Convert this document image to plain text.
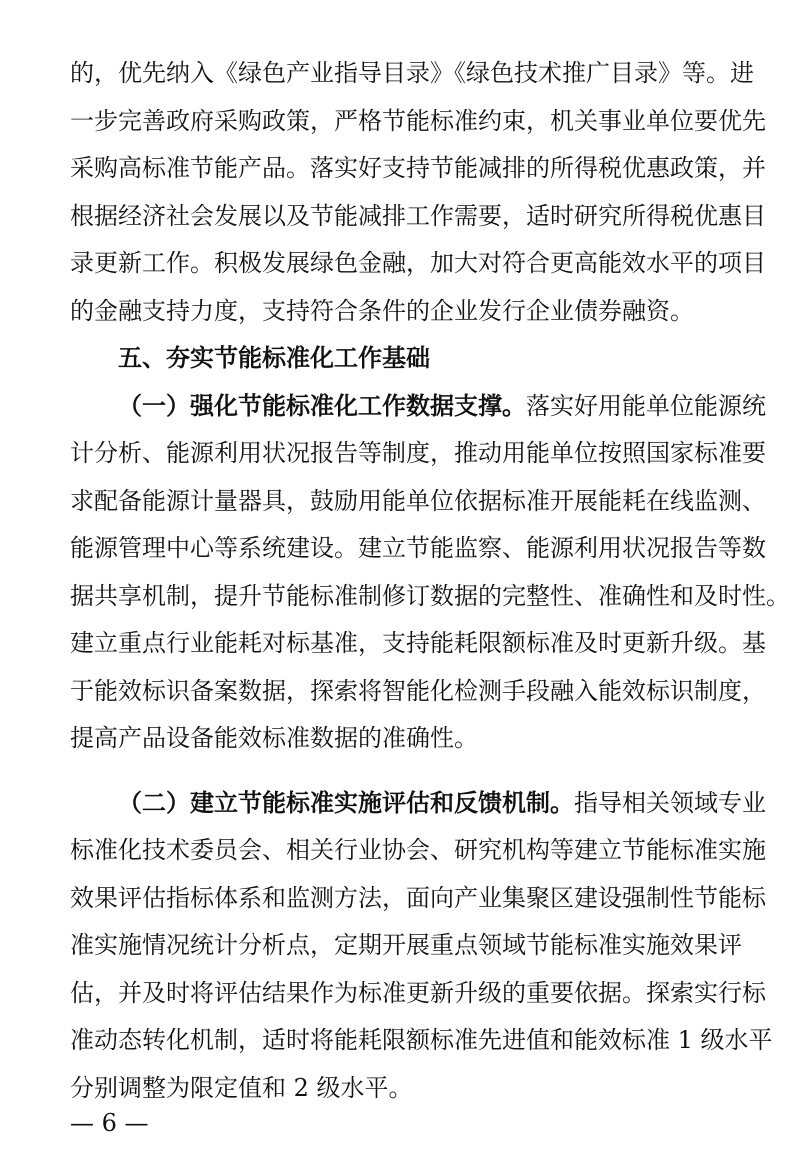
的，优先纳入《绿色产业指导目录》《绿色技术推广目录》等。进
一步完善政府采购政策，严格节能标准约束，机关事业单位要优先
采购高标准节能产品。落实好支持节能减排的所得税优惠政策，并
根据经济社会发展以及节能减排工作需要，适时研究所得税优惠目
录更新工作。积极发展绿色金融，加大对符合更高能效水平的项目
的金融支持力度，支持符合条件的企业发行企业债券融资。
五、夯实节能标准化工作基础
（一）强化节能标准化工作数据支撑。 落实好用能单位能源统
计分析、能源利用状况报告等制度，推动用能单位按照国家标准要
求配备能源计量器具，鼓励用能单位依据标准开展能耗在线监测、
能源管理中心等系统建设。建立节能监察、能源利用状况报告等数
据共享机制，提升节能标准制修订数据的完整性、准确性和及时性。
建立重点行业能耗对标基准，支持能耗限额标准及时更新升级。基
于能效标识备案数据，探索将智能化检测手段融入能效标识制度，
提高产品设备能效标准数据的准确性。
（二）建立节能标准实施评估和反馈机制。 指导相关领域专业
标准化技术委员会、相关行业协会、研究机构等建立节能标准实施
效果评估指标体系和监测方法，面向产业集聚区建设强制性节能标
准实施情况统计分析点，定期开展重点领域节能标准实施效果评
估，并及时将评估结果作为标准更新升级的重要依据。探索实行标
准动态转化机制，适时将能耗限额标准先进值和能效标准 1 级水平
分别调整为限定值和 2 级水平。
— 6 —
